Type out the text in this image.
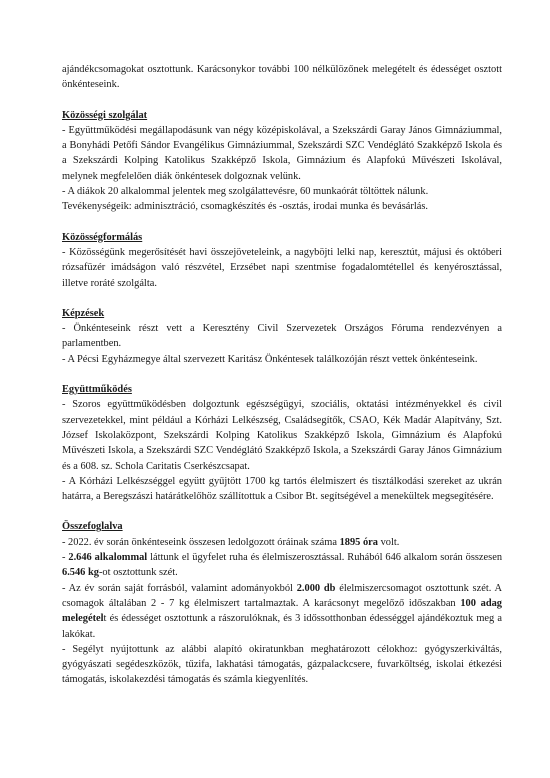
ajándékcsomagokat osztottunk. Karácsonykor további 100 nélkülözőnek melegételt és édességet osztott önkénteseink.

Közösségi szolgálat

- Együttműködési megállapodásunk van négy középiskolával, a Szekszárdi Garay János Gimnáziummal, a Bonyhádi Petőfi Sándor Evangélikus Gimnáziummal, Szekszárdi SZC Vendéglátó Szakképző Iskola és a Szekszárdi Kolping Katolikus Szakképző Iskola, Gimnázium és Alapfokú Művészeti Iskolával, melynek megfelelően diák önkéntesek dolgoznak velünk.

- A diákok 20 alkalommal jelentek meg szolgálattevésre, 60 munkaórát töltöttek nálunk.

Tevékenységeik: adminisztráció, csomagkészítés és -osztás, irodai munka és bevásárlás.

Közösségformálás

- Közösségünk megerősítését havi összejöveteleink, a nagyböjti lelki nap, keresztút, májusi és októberi rózsafüzér imádságon való részvétel, Erzsébet napi szentmise fogadalomtétellel és kenyérosztással, illetve roráté szolgálta.

Képzések

- Önkénteseink részt vett a Keresztény Civil Szervezetek Országos Fóruma rendezvényen a parlamentben.

- A Pécsi Egyházmegye által szervezett Karitász Önkéntesek találkozóján részt vettek önkénteseink.

Együttműködés

- Szoros együttműködésben dolgoztunk egészségügyi, szociális, oktatási intézményekkel és civil szervezetekkel, mint például a Kórházi Lelkészség, Családsegítők, CSAO, Kék Madár Alapítvány, Szt. József Iskolaközpont, Szekszárdi Kolping Katolikus Szakképző Iskola, Gimnázium és Alapfokú Művészeti Iskola, a Szekszárdi SZC Vendéglátó Szakképző Iskola, a Szekszárdi Garay János Gimnázium és a 608. sz. Schola Caritatis Cserkészcsapat.

- A Kórházi Lelkészséggel együtt gyűjtött 1700 kg tartós élelmiszert és tisztálkodási szereket az ukrán határra, a Beregszászi határátkelőhöz szállítottuk a Csibor Bt. segítségével a menekültek megsegítésére.

Összefoglalva

- 2022. év során önkénteseink összesen ledolgozott óráinak száma 1895 óra volt.

- 2.646 alkalommal láttunk el ügyfelet ruha és élelmiszerosztással. Ruhából 646 alkalom során összesen 6.546 kg-ot osztottunk szét.

- Az év során saját forrásból, valamint adományokból 2.000 db élelmiszercsomagot osztottunk szét. A csomagok általában 2 - 7 kg élelmiszert tartalmaztak. A karácsonyt megelőző időszakban 100 adag melegételt és édességet osztottunk a rászorulóknak, és 3 időssotthonban édességgel ajándékoztuk meg a lakókat.

- Segélyt nyújtottunk az alábbi alapító okiratunkban meghatározott célokhoz: gyógyszerkiváltás, gyógyászati segédeszközök, tűzifa, lakhatási támogatás, gázpalackcsere, fuvarköltség, iskolai étkezési támogatás, iskolakezdési támogatás és számla kiegyenlítés.
